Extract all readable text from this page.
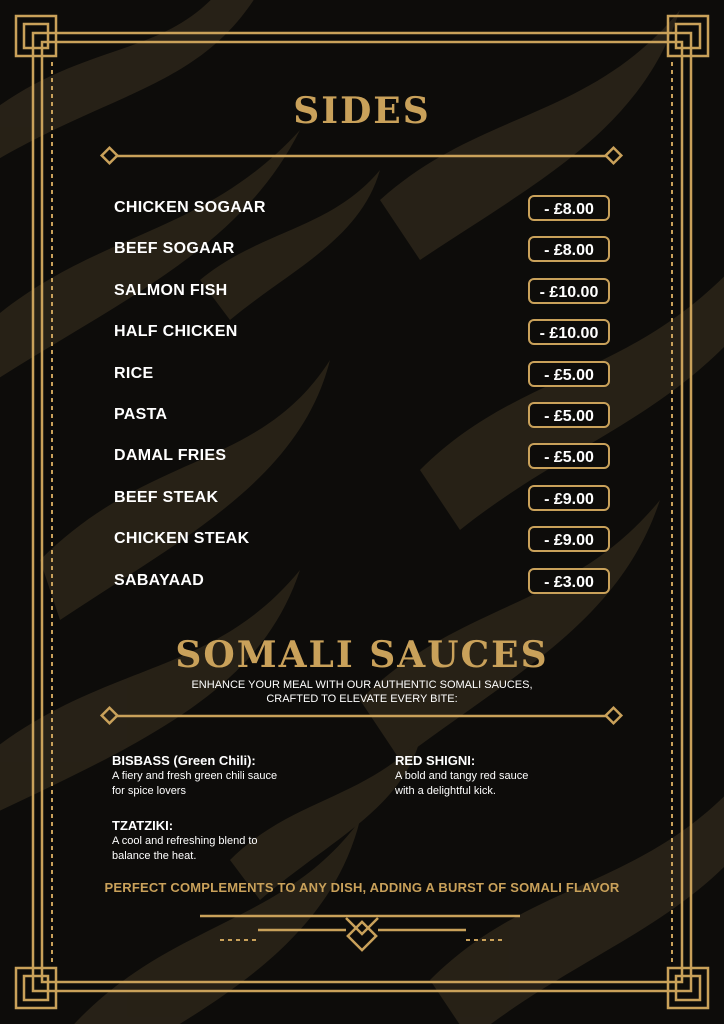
SIDES
CHICKEN SOGAAR	- £8.00
BEEF SOGAAR	- £8.00
SALMON FISH	- £10.00
HALF CHICKEN	- £10.00
RICE	- £5.00
PASTA	- £5.00
DAMAL FRIES	- £5.00
BEEF STEAK	- £9.00
CHICKEN STEAK	- £9.00
SABAYAAD	- £3.00
SOMALI SAUCES

ENHANCE YOUR MEAL WITH OUR AUTHENTIC SOMALI SAUCES,
CRAFTED TO ELEVATE EVERY BITE:

BISBASS (Green Chili):

A fiery and fresh green chili sauce
for spice lovers

RED SHIGNI:

A bold and tangy red sauce
with a delightful kick.

TZATZIKI:

A cool and refreshing blend to
balance the heat.

PERFECT COMPLEMENTS TO ANY DISH, ADDING A BURST OF SOMALI FLAVOR
